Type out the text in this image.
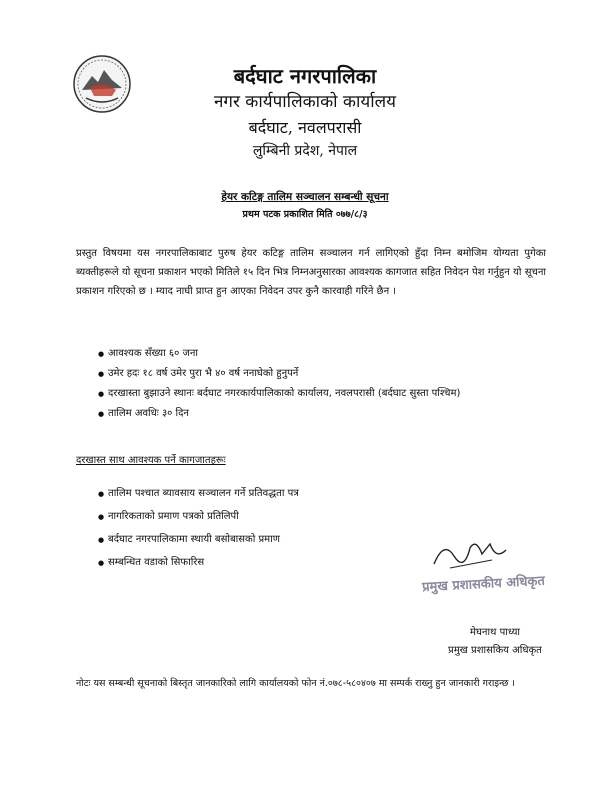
बर्दघाट नगरपालिका
नगर कार्यपालिकाको कार्यालय
बर्दघाट, नवलपरासी
लुम्बिनी प्रदेश, नेपाल
हेयर कटिङ्ग तालिम सञ्चालन सम्बन्धी सूचना
प्रथम पटक प्रकाशित मिति ०७७/८/३
प्रस्तुत विषयमा यस नगरपालिकाबाट पुरुष हेयर कटिङ्ग तालिम सञ्चालन गर्न लागिएको हुँदा निम्न बमोजिम योग्यता पुगेका ब्यक्तीहरूले यो सूचना प्रकाशन भएको मितिले १५ दिन भित्र निम्नअनुसारका आवश्यक कागजात सहित निवेदन पेश गर्नुहुन यो सूचना प्रकाशन गरिएको छ । म्याद नाघी प्राप्त हुन आएका निवेदन उपर कुनै कारवाही गरिने छैन ।
● आवश्यक सँख्या ६० जना
● उमेर हदः १८ वर्ष उमेर पुरा भै ४० वर्ष ननाघेको हुनुपर्ने
● दरखास्ता बुझाउने स्थानः बर्दघाट नगरकार्यपालिकाको कार्यालय, नवलपरासी (बर्दघाट सुस्ता पश्चिम)
● तालिम अवधिः ३० दिन
दरखास्त साथ आवश्यक पर्ने कागजातहरूः
● तालिम पश्चात ब्यावसाय सञ्चालन गर्ने प्रतिवद्धता पत्र
● नागरिकताको प्रमाण पत्रको प्रतिलिपी
● बर्दघाट नगरपालिकामा स्थायी बसोबासको प्रमाण
● सम्बन्धित वडाको सिफारिस
प्रमुख प्रशासकीय अधिकृत
मेघनाथ पाध्या
प्रमुख प्रशासकिय अधिकृत
नोटः यस सम्बन्धी सूचनाको बिस्तृत जानकारिको लागि कार्यालयको फोन नं.०७८-५८०४०७ मा सम्पर्क राख्नु हुन जानकारी गराइन्छ ।
